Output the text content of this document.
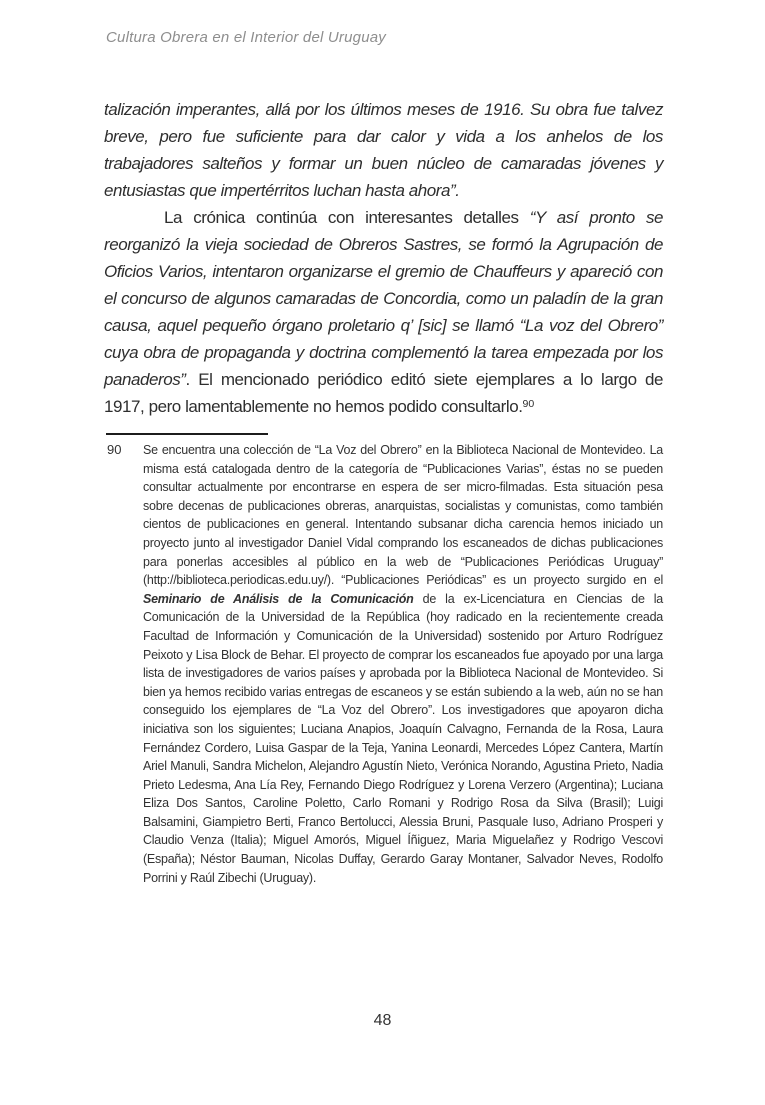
Cultura Obrera en el Interior del Uruguay

talización imperantes, allá por los últimos meses de 1916. Su obra fue talvez breve, pero fue suficiente para dar calor y vida a los anhelos de los trabajadores salteños y formar un buen núcleo de camaradas jóvenes y entusiastas que impertérritos luchan hasta ahora”.

La crónica continúa con interesantes detalles “Y así pronto se reorganizó la vieja sociedad de Obreros Sastres, se formó la Agrupación de Oficios Varios, intentaron organizarse el gremio de Chauffeurs y apareció con el concurso de algunos camaradas de Concordia, como un paladín de la gran causa, aquel pequeño órgano proletario q’ [sic] se llamó “La voz del Obrero” cuya obra de propaganda y doctrina complementó la tarea empezada por los panaderos”. El mencionado periódico editó siete ejemplares a lo largo de 1917, pero lamentablemente no hemos podido consultarlo.$^{90}$

90 Se encuentra una colección de “La Voz del Obrero” en la Biblioteca Nacional de Montevideo. La misma está catalogada dentro de la categoría de “Publicaciones Varias”, éstas no se pueden consultar actualmente por encontrarse en espera de ser micro-filmadas. Esta situación pesa sobre decenas de publicaciones obreras, anarquistas, socialistas y comunistas, como también cientos de publicaciones en general. Intentando subsanar dicha carencia hemos iniciado un proyecto junto al investigador Daniel Vidal comprando los escaneados de dichas publicaciones para ponerlas accesibles al público en la web de “Publicaciones Periódicas Uruguay” (http://biblioteca.periodicas.edu.uy/). “Publicaciones Periódicas” es un proyecto surgido en el Seminario de Análisis de la Comunicación de la ex-Licenciatura en Ciencias de la Comunicación de la Universidad de la República (hoy radicado en la recientemente creada Facultad de Información y Comunicación de la Universidad) sostenido por Arturo Rodríguez Peixoto y Lisa Block de Behar. El proyecto de comprar los escaneados fue apoyado por una larga lista de investigadores de varios países y aprobada por la Biblioteca Nacional de Montevideo. Si bien ya hemos recibido varias entregas de escaneos y se están subiendo a la web, aún no se han conseguido los ejemplares de “La Voz del Obrero”. Los investigadores que apoyaron dicha iniciativa son los siguientes; Luciana Anapios, Joaquín Calvagno, Fernanda de la Rosa, Laura Fernández Cordero, Luisa Gaspar de la Teja, Yanina Leonardi, Mercedes López Cantera, Martín Ariel Manuli, Sandra Michelon, Alejandro Agustín Nieto, Verónica Norando, Agustina Prieto, Nadia Prieto Ledesma, Ana Lía Rey, Fernando Diego Rodríguez y Lorena Verzero (Argentina); Luciana Eliza Dos Santos, Caroline Poletto, Carlo Romani y Rodrigo Rosa da Silva (Brasil); Luigi Balsamini, Giampietro Berti, Franco Bertolucci, Alessia Bruni, Pasquale Iuso, Adriano Prosperi y Claudio Venza (Italia); Miguel Amorós, Miguel Íñiguez, Maria Miguelañez y Rodrigo Vescovi (España); Néstor Bauman, Nicolas Duffay, Gerardo Garay Montaner, Salvador Neves, Rodolfo Porrini y Raúl Zibechi (Uruguay).
48
